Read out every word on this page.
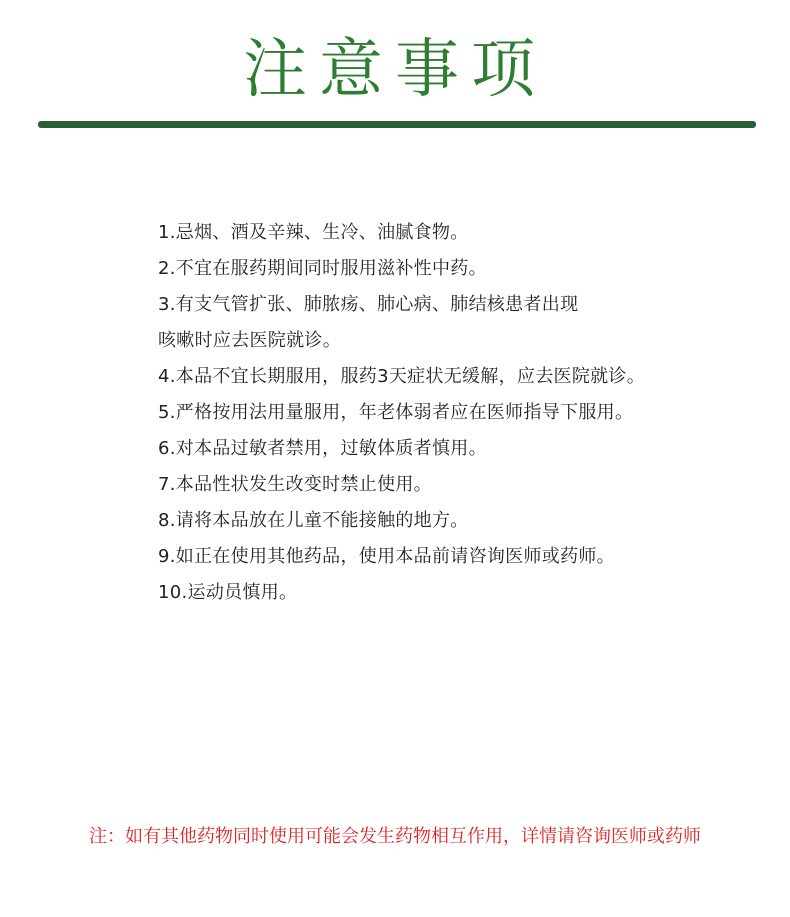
注意事项
1.忌烟、酒及辛辣、生冷、油腻食物。
2.不宜在服药期间同时服用滋补性中药。
3.有支气管扩张、肺脓疡、肺心病、肺结核患者出现
咳嗽时应去医院就诊。
4.本品不宜长期服用，服药3天症状无缓解，应去医院就诊。
5.严格按用法用量服用，年老体弱者应在医师指导下服用。
6.对本品过敏者禁用，过敏体质者慎用。
7.本品性状发生改变时禁止使用。
8.请将本品放在儿童不能接触的地方。
9.如正在使用其他药品，使用本品前请咨询医师或药师。
10.运动员慎用。
注：如有其他药物同时使用可能会发生药物相互作用，详情请咨询医师或药师
